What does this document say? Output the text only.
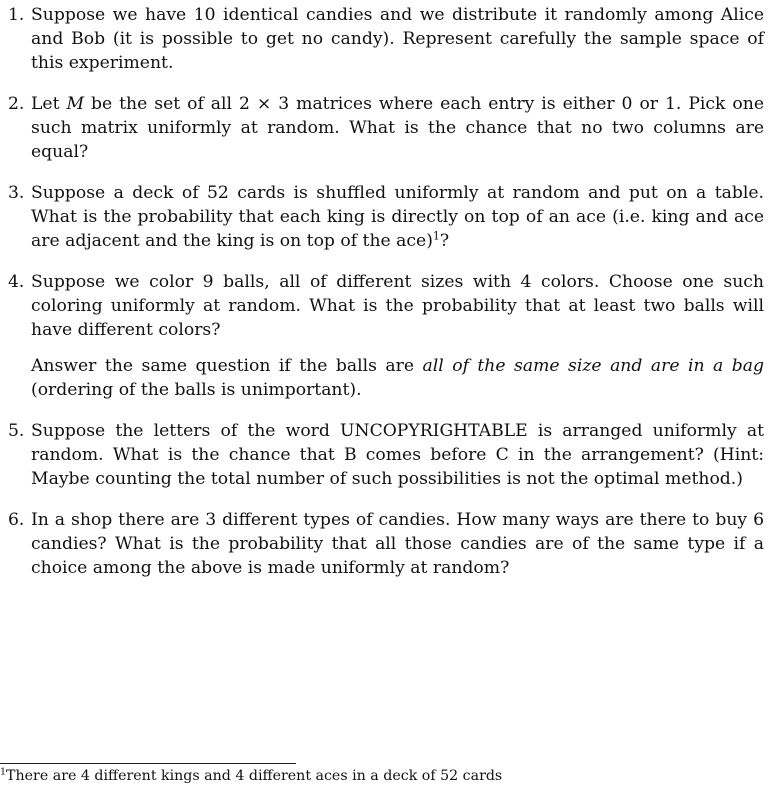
1. Suppose we have 10 identical candies and we distribute it randomly among Alice and Bob (it is possible to get no candy). Represent carefully the sample space of this experiment.

2. Let M be the set of all 2 × 3 matrices where each entry is either 0 or 1. Pick one such matrix uniformly at random. What is the chance that no two columns are equal?

3. Suppose a deck of 52 cards is shuffled uniformly at random and put on a table. What is the probability that each king is directly on top of an ace (i.e. king and ace are adjacent and the king is on top of the ace)$^1$?

4. Suppose we color 9 balls, all of different sizes with 4 colors. Choose one such coloring uniformly at random. What is the probability that at least two balls will have different colors?

Answer the same question if the balls are all of the same size and are in a bag (ordering of the balls is unimportant).

5. Suppose the letters of the word UNCOPYRIGHTABLE is arranged uniformly at random. What is the chance that B comes before C in the arrangement? (Hint: Maybe counting the total number of such possibilities is not the optimal method.)

6. In a shop there are 3 different types of candies. How many ways are there to buy 6 candies? What is the probability that all those candies are of the same type if a choice among the above is made uniformly at random?

$^1$There are 4 different kings and 4 different aces in a deck of 52 cards
